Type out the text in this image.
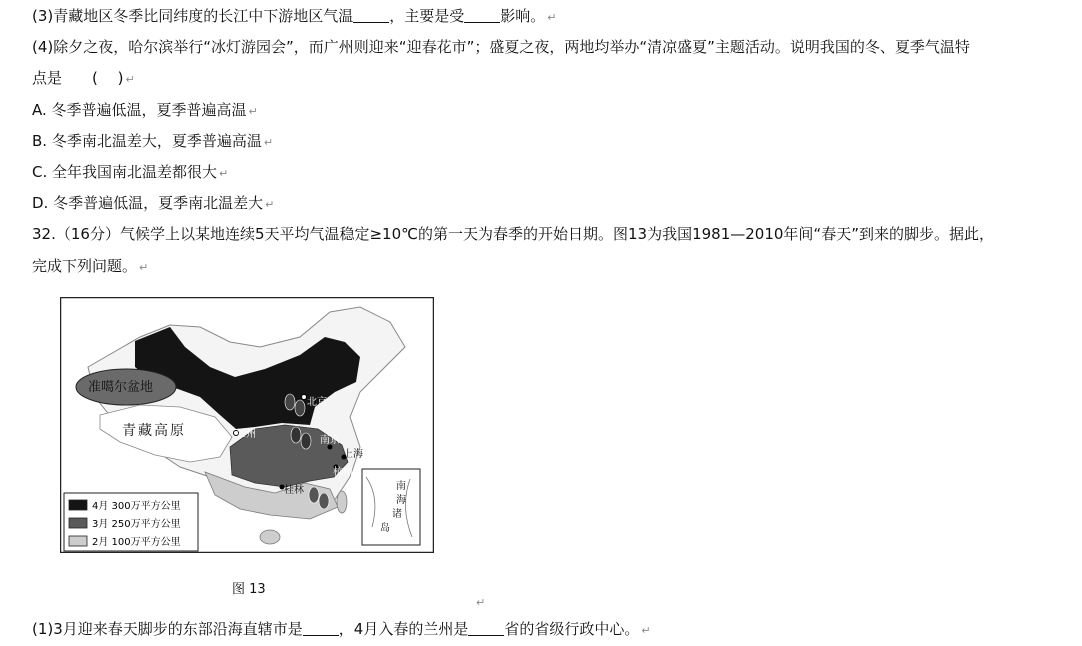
(3)青藏地区冬季比同纬度的长江中下游地区气温 ，主要是受 影响。 ↵
(4)除夕之夜，哈尔滨举行“冰灯游园会”，而广州则迎来“迎春花市”；盛夏之夜，两地均举办“清凉盛夏”主题活动。说明我国的冬、夏季气温特
点是　　(　 ) ↵
A. 冬季普遍低温，夏季普遍高温 ↵
B. 冬季南北温差大，夏季普遍高温 ↵
C. 全年我国南北温差都很大 ↵
D. 冬季普遍低温，夏季南北温差大 ↵
32.（16分）气候学上以某地连续5天平均气温稳定≥10℃的第一天为春季的开始日期。图13为我国1981—2010年间“春天”到来的脚步。据此，
完成下列问题。 ↵
准噶尔盆地
青藏高原
北京
兰州
南京
上海
杭州
桂林	南
海
诸
岛
4月 300万平方公里
3月 250万平方公里
2月 100万平方公里
图 13
↵
(1)3月迎来春天脚步的东部沿海直辖市是 ，4月入春的兰州是 省的省级行政中心。 ↵
